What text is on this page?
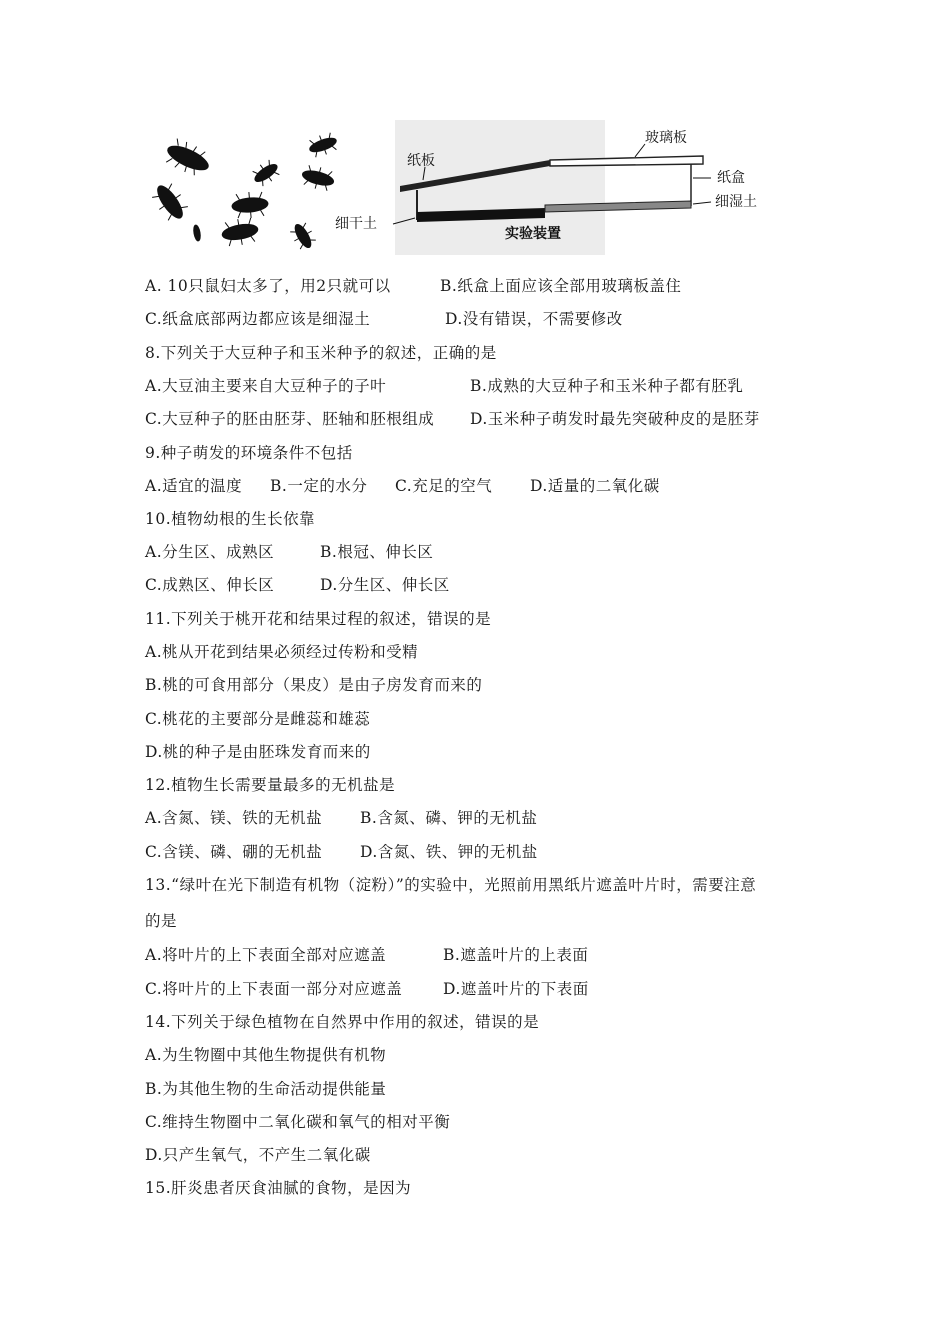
纸板
玻璃板
纸盒
细湿土
细干土
实验装置
A. 10只鼠妇太多了，用2只就可以	B.纸盒上面应该全部用玻璃板盖住
C.纸盒底部两边都应该是细湿土	D.没有错误，不需要修改
8.下列关于大豆种子和玉米种予的叙述，正确的是
A.大豆油主要来自大豆种子的子叶	B.成熟的大豆种子和玉米种子都有胚乳
C.大豆种子的胚由胚芽、胚轴和胚根组成 D.玉米种子萌发时最先突破种皮的是胚芽
9.种子萌发的环境条件不包括
A.适宜的温度 B.一定的水分 C.充足的空气 D.适量的二氧化碳
10.植物幼根的生长依靠
A.分生区、成熟区	B.根冠、伸长区
C.成熟区、伸长区	D.分生区、伸长区
11.下列关于桃开花和结果过程的叙述，错误的是
A.桃从开花到结果必须经过传粉和受精
B.桃的可食用部分（果皮）是由子房发育而来的
C.桃花的主要部分是雌蕊和雄蕊
D.桃的种子是由胚珠发育而来的
12.植物生长需要量最多的无机盐是
A.含氮、镁、铁的无机盐 B.含氮、磷、钾的无机盐
C.含镁、磷、硼的无机盐 D.含氮、铁、钾的无机盐
13.“绿叶在光下制造有机物（淀粉）”的实验中，光照前用黑纸片遮盖叶片时，需要注意
的是
A.将叶片的上下表面全部对应遮盖	B.遮盖叶片的上表面
C.将叶片的上下表面一部分对应遮盖	D.遮盖叶片的下表面
14.下列关于绿色植物在自然界中作用的叙述，错误的是
A.为生物圈中其他生物提供有机物
B.为其他生物的生命活动提供能量
C.维持生物圈中二氧化碳和氧气的相对平衡
D.只产生氧气，不产生二氧化碳
15.肝炎患者厌食油腻的食物，是因为
